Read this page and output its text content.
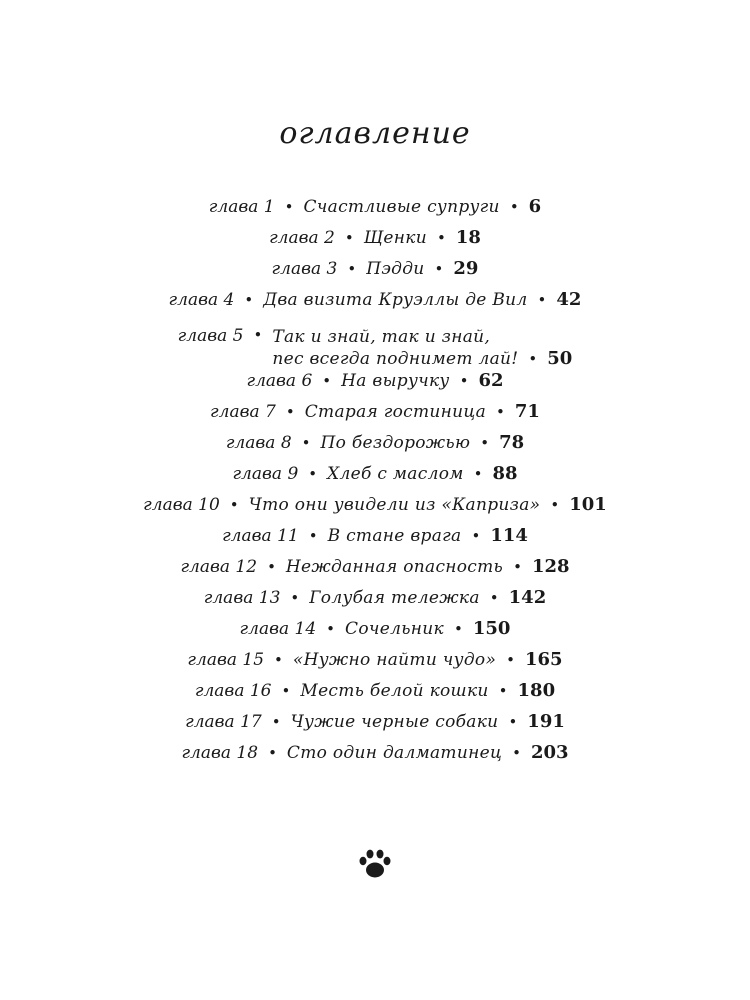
оглавление
глава 1 • Счастливые супруги • 6
глава 2 • Щенки • 18
глава 3 • Пэдди • 29
глава 4 • Два визита Круэллы де Вил • 42
глава 5 • Так и знай, так и знай,
пес всегда поднимет лай! • 50
глава 6 • На выручку • 62
глава 7 • Старая гостиница • 71
глава 8 • По бездорожью • 78
глава 9 • Хлеб с маслом • 88
глава 10 • Что они увидели из «Каприза» • 101
глава 11 • В стане врага • 114
глава 12 • Нежданная опасность • 128
глава 13 • Голубая тележка • 142
глава 14 • Сочельник • 150
глава 15 • «Нужно найти чудо» • 165
глава 16 • Месть белой кошки • 180
глава 17 • Чужие черные собаки • 191
глава 18 • Сто один далматинец • 203
